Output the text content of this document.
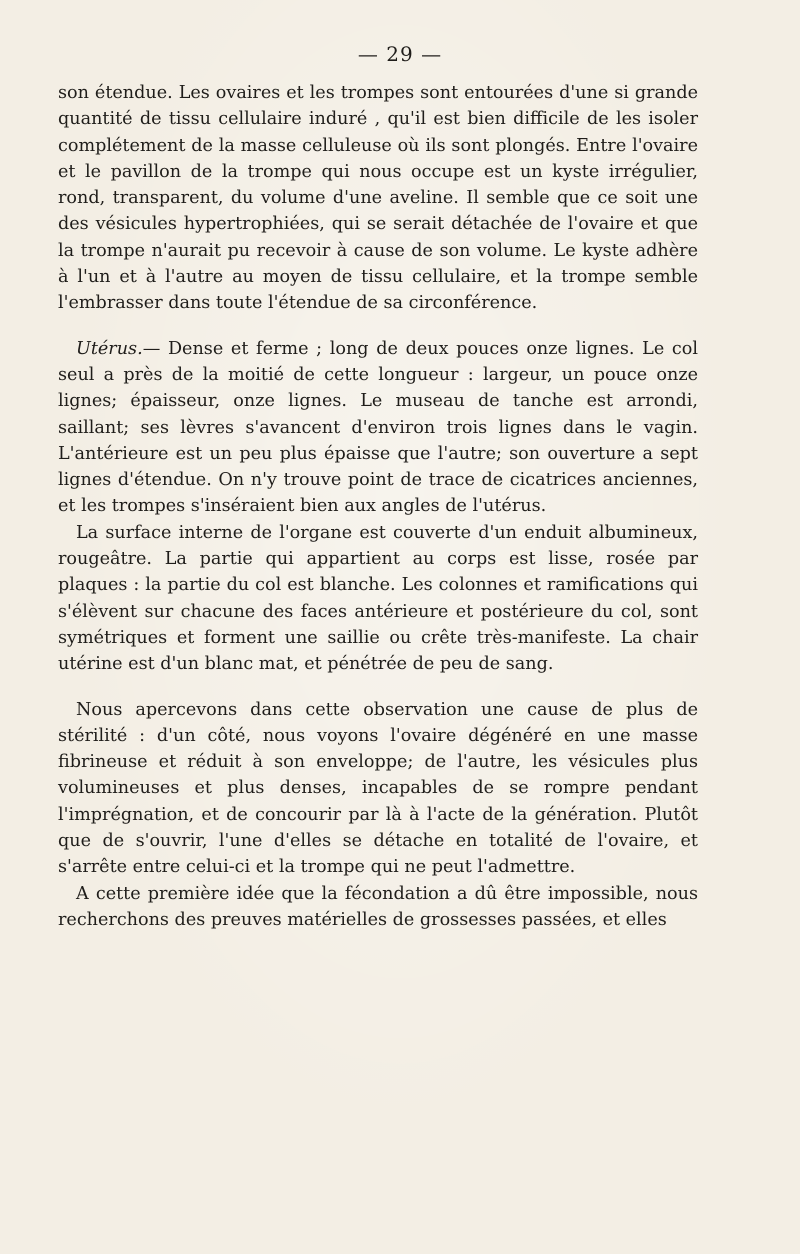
— 29 —

son étendue. Les ovaires et les trompes sont entourées d'une si grande quantité de tissu cellulaire induré , qu'il est bien difficile de les isoler complétement de la masse celluleuse où ils sont plongés. Entre l'ovaire et le pavillon de la trompe qui nous occupe est un kyste irrégulier, rond, transparent, du volume d'une aveline. Il semble que ce soit une des vésicules hypertrophiées, qui se serait détachée de l'ovaire et que la trompe n'aurait pu recevoir à cause de son volume. Le kyste adhère à l'un et à l'autre au moyen de tissu cellulaire, et la trompe semble l'embrasser dans toute l'étendue de sa circonférence.

Utérus.— Dense et ferme ; long de deux pouces onze lignes. Le col seul a près de la moitié de cette longueur : largeur, un pouce onze lignes; épaisseur, onze lignes. Le museau de tanche est arrondi, saillant; ses lèvres s'avancent d'environ trois lignes dans le vagin. L'antérieure est un peu plus épaisse que l'autre; son ouverture a sept lignes d'étendue. On n'y trouve point de trace de cicatrices anciennes, et les trompes s'inséraient bien aux angles de l'utérus.

La surface interne de l'organe est couverte d'un enduit albumineux, rougeâtre. La partie qui appartient au corps est lisse, rosée par plaques : la partie du col est blanche. Les colonnes et ramifications qui s'élèvent sur chacune des faces antérieure et postérieure du col, sont symétriques et forment une saillie ou crête très-manifeste. La chair utérine est d'un blanc mat, et pénétrée de peu de sang.

Nous apercevons dans cette observation une cause de plus de stérilité : d'un côté, nous voyons l'ovaire dégénéré en une masse fibrineuse et réduit à son enveloppe; de l'autre, les vésicules plus volumineuses et plus denses, incapables de se rompre pendant l'imprégnation, et de concourir par là à l'acte de la génération. Plutôt que de s'ouvrir, l'une d'elles se détache en totalité de l'ovaire, et s'arrête entre celui-ci et la trompe qui ne peut l'admettre.

A cette première idée que la fécondation a dû être impossible, nous recherchons des preuves matérielles de grossesses passées, et elles
